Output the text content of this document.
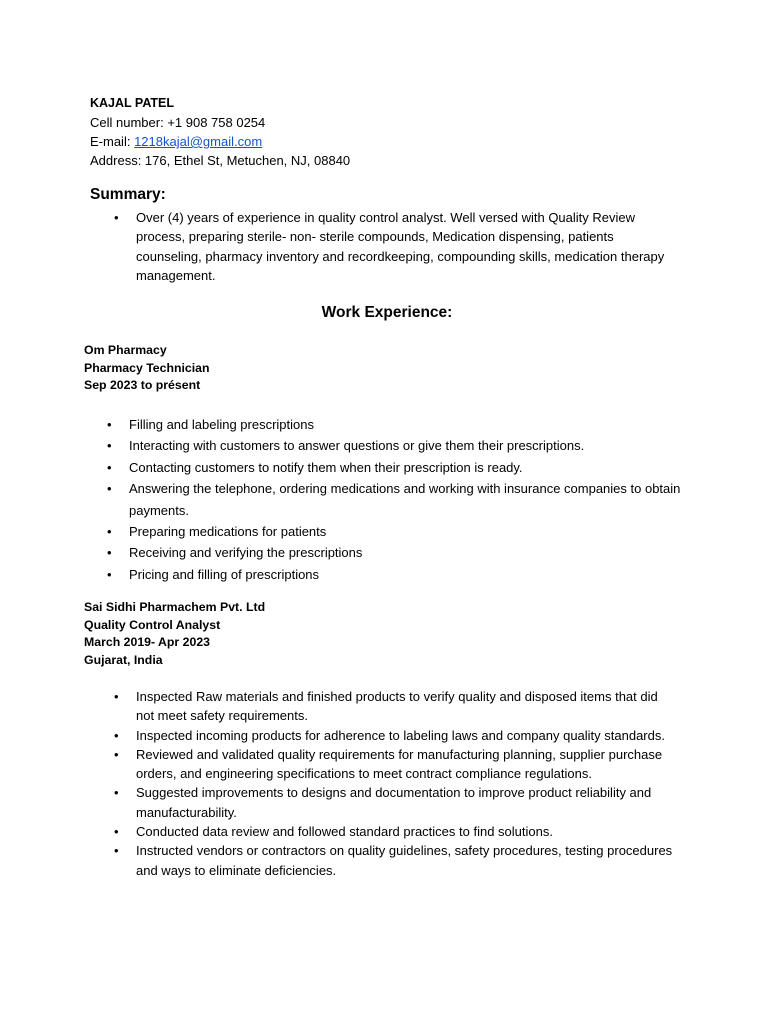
KAJAL PATEL
Cell number: +1 908 758 0254
E-mail: 1218kajal@gmail.com
Address: 176, Ethel St, Metuchen, NJ, 08840
Summary:
• Over (4) years of experience in quality control analyst. Well versed with Quality Review process, preparing sterile- non- sterile compounds, Medication dispensing, patients counseling, pharmacy inventory and recordkeeping, compounding skills, medication therapy management.
Work Experience:
Om Pharmacy
Pharmacy Technician
Sep 2023 to présent
• Filling and labeling prescriptions
• Interacting with customers to answer questions or give them their prescriptions.
• Contacting customers to notify them when their prescription is ready.
• Answering the telephone, ordering medications and working with insurance companies to obtain payments.
• Preparing medications for patients
• Receiving and verifying the prescriptions
• Pricing and filling of prescriptions
Sai Sidhi Pharmachem Pvt. Ltd
Quality Control Analyst
March 2019- Apr 2023
Gujarat, India
• Inspected Raw materials and finished products to verify quality and disposed items that did not meet safety requirements.
• Inspected incoming products for adherence to labeling laws and company quality standards.
• Reviewed and validated quality requirements for manufacturing planning, supplier purchase orders, and engineering specifications to meet contract compliance regulations.
• Suggested improvements to designs and documentation to improve product reliability and manufacturability.
• Conducted data review and followed standard practices to find solutions.
• Instructed vendors or contractors on quality guidelines, safety procedures, testing procedures and ways to eliminate deficiencies.
